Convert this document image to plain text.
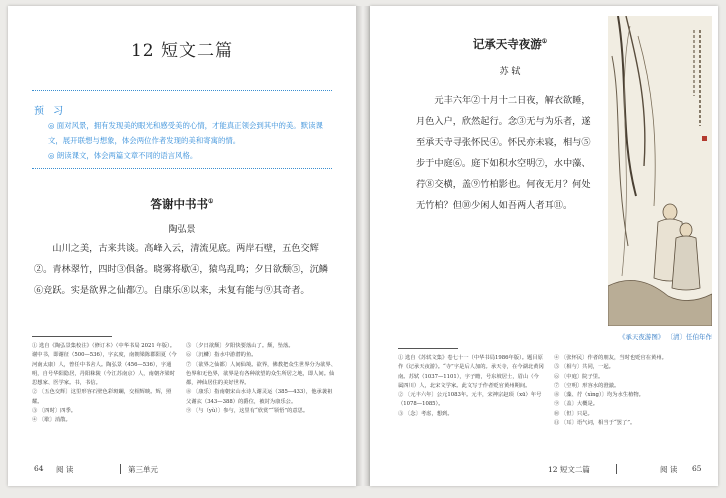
12 短文二篇
预 习
◎ 面对风景，拥有发现美的眼光和感受美的心情，才能真正领会到其中的美。默读课文，展开联想与想象，体会两位作者发现的美和寄寓的情。
◎ 朗读课文，体会两篇文章不同的语言风格。
答谢中书书①
陶弘景
山川之美，古来共谈。高峰入云，清流见底。两岸石壁，五色交辉②。青林翠竹，四时③俱备。晓雾将歇④，猿鸟乱鸣；夕日欲颓⑤，沉鳞⑥竞跃。实是欲界之仙都⑦。自康乐⑧以来，未复有能与⑨其奇者。
① 选自《陶弘景集校注》（修订本）（中华书局 2021 年版）。谢中书，即谢征（500—536），字玄度，南朝梁陈郡阳夏（今河南太康）人，曾任中书舍人。陶弘景（456—536），字通明，自号华阳隐居，丹阳秣陵（今江苏南京）人，南朝齐梁时思想家、医学家。书，书信。
② 〔五色交辉〕这里形容石壁色彩斑斓，交相辉映。辉，照耀。
③ 〔四时〕四季。
④ 〔歇〕消散。
⑤ 〔夕日欲颓〕夕阳快要落山了。颓，坠落。
⑥ 〔沉鳞〕指水中游潜的鱼。
⑦ 〔欲界之仙都〕人间仙境。欲界，佛教把众生世界分为欲界、色界和无色界，欲界是有各种欲望的众生所居之地，即人间。仙都，神仙居住的美好世界。
⑧ 〔康乐〕指南朝宋山水诗人谢灵运（385—433），他承袭祖父谢玄（343—388）的爵位，被封为康乐公。
⑨ 〔与（yù）〕参与，这里有“欣赏”“领悟”的意思。
64 阅 读	第三单元
记承天寺夜游①
苏 轼
元丰六年②十月十二日夜，解衣欲睡，月色入户，欣然起行。念③无与为乐者，遂至承天寺寻张怀民④。怀民亦未寝，相与⑤步于中庭⑥。庭下如积水空明⑦，水中藻、荇⑧交横，盖⑨竹柏影也。何夜无月？何处无竹柏？但⑩少闲人如吾两人者耳⑪。
《承天夜游图》 〔清〕任伯年作
① 选自《苏轼文集》卷七十一（中华书局1986年版）。题目原作《记承天夜游》。“寺”字是后人加的。承天寺，在今湖北黄冈南。苏轼（1037—1101），字子瞻，号东坡居士，眉山（今属四川）人，北宋文学家。此文写于作者贬官黄州期间。
② 〔元丰六年〕公元1083年。元丰，宋神宗赵顼（xū）年号（1078—1085）。
③ 〔念〕考虑，想到。
④ 〔张怀民〕作者的朋友，当时也贬官在黄州。
⑤ 〔相与〕共同，一起。
⑥ 〔中庭〕院子里。
⑦ 〔空明〕形容水的澄澈。
⑧ 〔藻、荇（xìng）〕均为水生植物。
⑨ 〔盖〕大概是。
⑩ 〔但〕只是。
⑪ 〔耳〕语气词，相当于“罢了”。
12 短文二篇	阅 读 65
